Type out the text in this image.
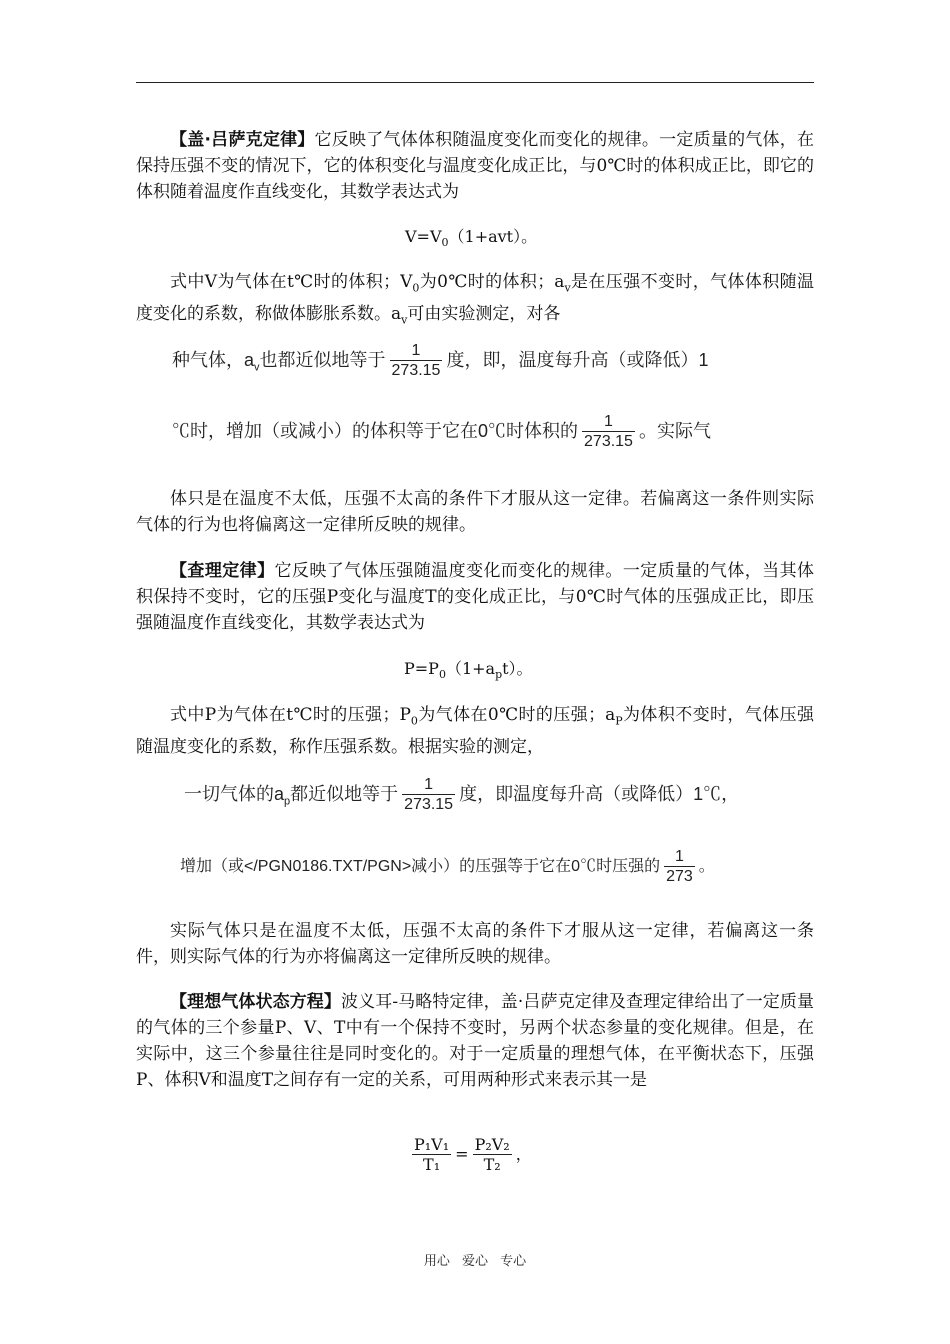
【盖·吕萨克定律】它反映了气体体积随温度变化而变化的规律。一定质量的气体，在保持压强不变的情况下，它的体积变化与温度变化成正比，与0℃时的体积成正比，即它的体积随着温度作直线变化，其数学表达式为

$V=V_0(1+avt)$。

式中V为气体在t℃时的体积；$V_0$为0℃时的体积；$a_v$是在压强不变时，气体体积随温度变化的系数，称做体膨胀系数。$a_v$可由实验测定，对各

种气体，$a_v$也都近似地等于 $\frac{1}{273.15}$ 度，即，温度每升高（或降低）1
℃时，增加（或减小）的体积等于它在0℃时体积的 $\frac{1}{273.15}$ 。实际气

体只是在温度不太低，压强不太高的条件下才服从这一定律。若偏离这一条件则实际气体的行为也将偏离这一定律所反映的规律。

【查理定律】它反映了气体压强随温度变化而变化的规律。一定质量的气体，当其体积保持不变时，它的压强P变化与温度T的变化成正比，与0℃时气体的压强成正比，即压强随温度作直线变化，其数学表达式为

$P=P_0(1+a_pt)$。

式中P为气体在t℃时的压强；$P_0$为气体在0℃时的压强；$a_P$为体积不变时，气体压强随温度变化的系数，称作压强系数。根据实验的测定，

一切气体的$a_p$都近似地等于 $\frac{1}{273.15}$ 度，即温度每升高（或降低）1℃，
增加（或</PGN0186.TXT/PGN>减小）的压强等于它在0℃时压强的 $\frac{1}{273}$ 。

实际气体只是在温度不太低，压强不太高的条件下才服从这一定律，若偏离这一条件，则实际气体的行为亦将偏离这一定律所反映的规律。

【理想气体状态方程】波义耳-马略特定律，盖·吕萨克定律及查理定律给出了一定质量的气体的三个参量P、V、T中有一个保持不变时，另两个状态参量的变化规律。但是，在实际中，这三个参量往往是同时变化的。对于一定质量的理想气体，在平衡状态下，压强P、体积V和温度T之间存有一定的关系，可用两种形式来表示其一是

$\frac{\text{P₁V₁}}{\text{T₁}} = \frac{\text{P₂V₂}}{\text{T₂}}$ ，
用心 爱心 专心
